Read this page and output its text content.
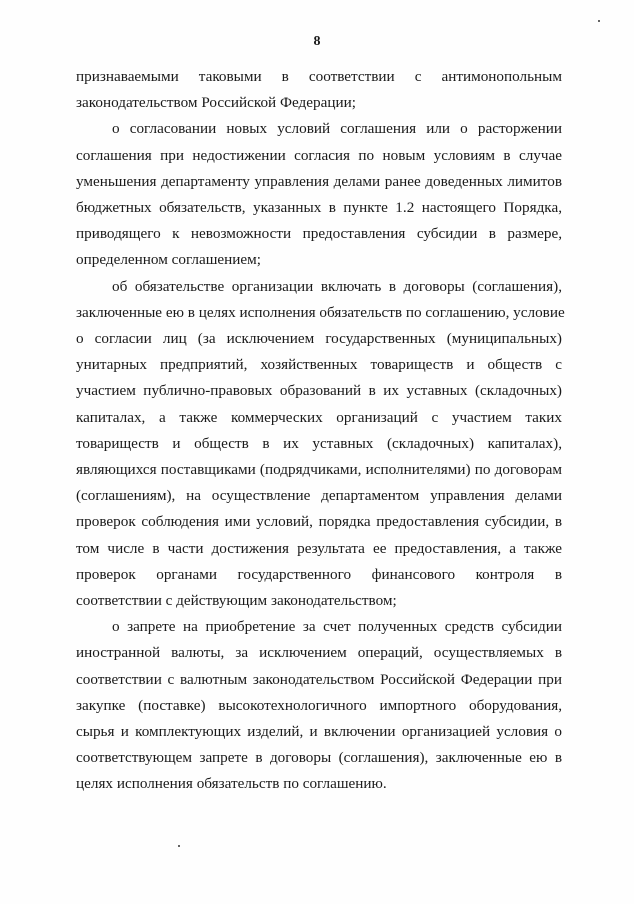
8
признаваемыми таковыми в соответствии с антимонопольным
законодательством Российской Федерации;
о согласовании новых условий соглашения или о расторжении
соглашения при недостижении согласия по новым условиям в случае
уменьшения департаменту управления делами ранее доведенных лимитов
бюджетных обязательств, указанных в пункте 1.2 настоящего Порядка,
приводящего к невозможности предоставления субсидии в размере,
определенном соглашением;
об обязательстве организации включать в договоры (соглашения),
заключенные ею в целях исполнения обязательств по соглашению, условие
о согласии лиц (за исключением государственных (муниципальных)
унитарных предприятий, хозяйственных товариществ и обществ с
участием публично-правовых образований в их уставных (складочных)
капиталах, а также коммерческих организаций с участием таких
товариществ и обществ в их уставных (складочных) капиталах),
являющихся поставщиками (подрядчиками, исполнителями) по договорам
(соглашениям), на осуществление департаментом управления делами
проверок соблюдения ими условий, порядка предоставления субсидии, в
том числе в части достижения результата ее предоставления, а также
проверок органами государственного финансового контроля в
соответствии с действующим законодательством;
о запрете на приобретение за счет полученных средств субсидии
иностранной валюты, за исключением операций, осуществляемых в
соответствии с валютным законодательством Российской Федерации при
закупке (поставке) высокотехнологичного импортного оборудования,
сырья и комплектующих изделий, и включении организацией условия о
соответствующем запрете в договоры (соглашения), заключенные ею в
целях исполнения обязательств по соглашению.
